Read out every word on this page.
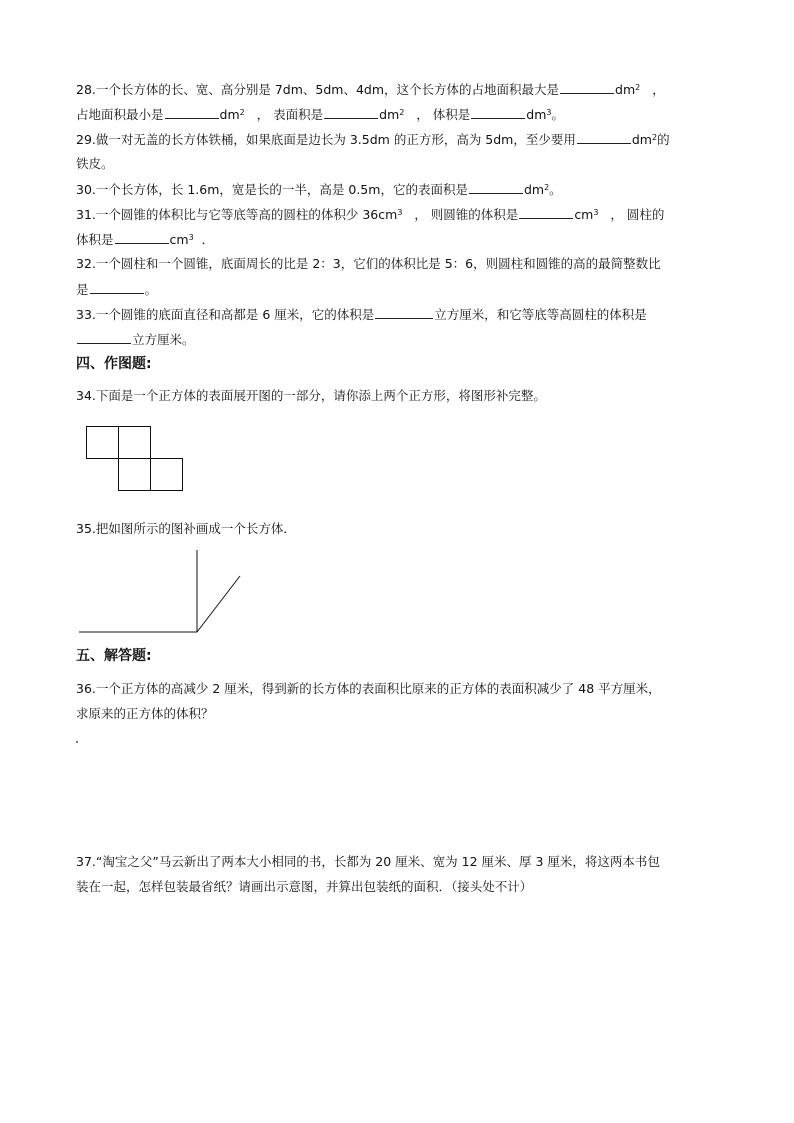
28.一个长方体的长、宽、高分别是 7dm、5dm、4dm，这个长方体的占地面积最大是	$dm^2$ ，
占地面积最小是	$dm^2$ ， 表面积是	$dm^2$ ， 体积是	$dm^3$。
29.做一对无盖的长方体铁桶，如果底面是边长为 3.5dm 的正方形，高为 5dm，至少要用	$dm^2$的
铁皮。
30.一个长方体，长 1.6m，宽是长的一半，高是 0.5m，它的表面积是	$dm^2$。
31.一个圆锥的体积比与它等底等高的圆柱的体积少 $36cm^3$ ， 则圆锥的体积是	$cm^3$ ， 圆柱的
体积是	$cm^3$ ．
32.一个圆柱和一个圆锥，底面周长的比是 2：3，它们的体积比是 5：6，则圆柱和圆锥的高的最简整数比
是	。
33.一个圆锥的底面直径和高都是 6 厘米，它的体积是	立方厘米，和它等底等高圆柱的体积是
立方厘米。
四、作图题:
34.下面是一个正方体的表面展开图的一部分，请你添上两个正方形，将图形补完整。
35.把如图所示的图补画成一个长方体．
五、解答题:
36.一个正方体的高减少 2 厘米，得到新的长方体的表面积比原来的正方体的表面积减少了 48 平方厘米，
求原来的正方体的体积？
37.“淘宝之父”马云新出了两本大小相同的书，长都为 20 厘米、宽为 12 厘米、厚 3 厘米，将这两本书包
装在一起，怎样包装最省纸？请画出示意图，并算出包装纸的面积．（接头处不计）
